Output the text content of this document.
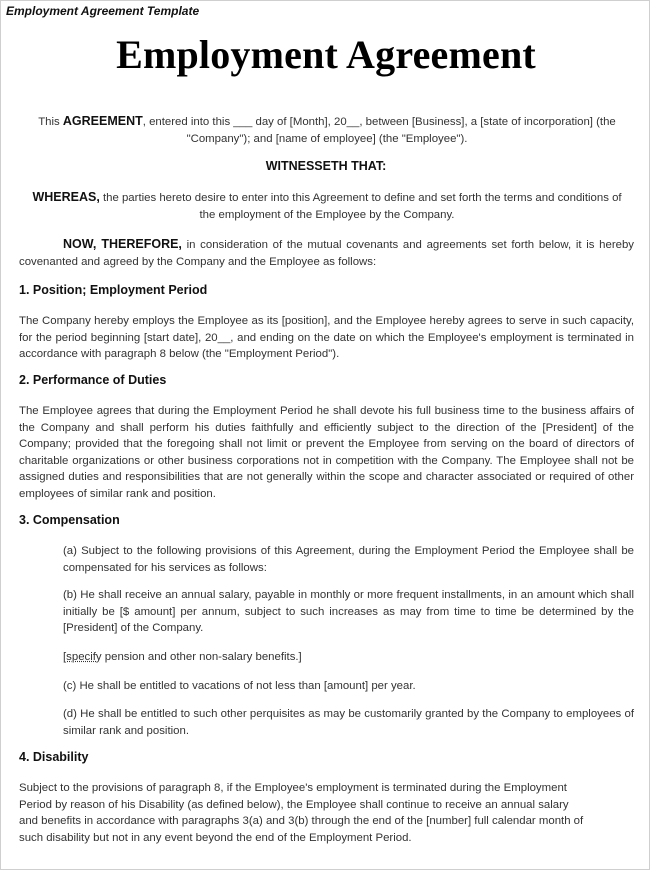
Employment Agreement Template
Employment Agreement
This AGREEMENT, entered into this ___ day of [Month], 20__, between [Business], a [state of incorporation] (the "Company"); and [name of employee] (the "Employee").
WITNESSETH THAT:
WHEREAS, the parties hereto desire to enter into this Agreement to define and set forth the terms and conditions of the employment of the Employee by the Company.
NOW, THEREFORE, in consideration of the mutual covenants and agreements set forth below, it is hereby covenanted and agreed by the Company and the Employee as follows:
1. Position; Employment Period
The Company hereby employs the Employee as its [position], and the Employee hereby agrees to serve in such capacity, for the period beginning [start date], 20__, and ending on the date on which the Employee's employment is terminated in accordance with paragraph 8 below (the "Employment Period").
2. Performance of Duties
The Employee agrees that during the Employment Period he shall devote his full business time to the business affairs of the Company and shall perform his duties faithfully and efficiently subject to the direction of the [President] of the Company; provided that the foregoing shall not limit or prevent the Employee from serving on the board of directors of charitable organizations or other business corporations not in competition with the Company. The Employee shall not be assigned duties and responsibilities that are not generally within the scope and character associated or required of other employees of similar rank and position.
3. Compensation
(a) Subject to the following provisions of this Agreement, during the Employment Period the Employee shall be compensated for his services as follows:
(b) He shall receive an annual salary, payable in monthly or more frequent installments, in an amount which shall initially be [$ amount] per annum, subject to such increases as may from time to time be determined by the [President] of the Company.
[specify pension and other non-salary benefits.]
(c) He shall be entitled to vacations of not less than [amount] per year.
(d) He shall be entitled to such other perquisites as may be customarily granted by the Company to employees of similar rank and position.
4. Disability
Subject to the provisions of paragraph 8, if the Employee's employment is terminated during the Employment
Period by reason of his Disability (as defined below), the Employee shall continue to receive an annual salary
and benefits in accordance with paragraphs 3(a) and 3(b) through the end of the [number] full calendar month of
such disability but not in any event beyond the end of the Employment Period.
